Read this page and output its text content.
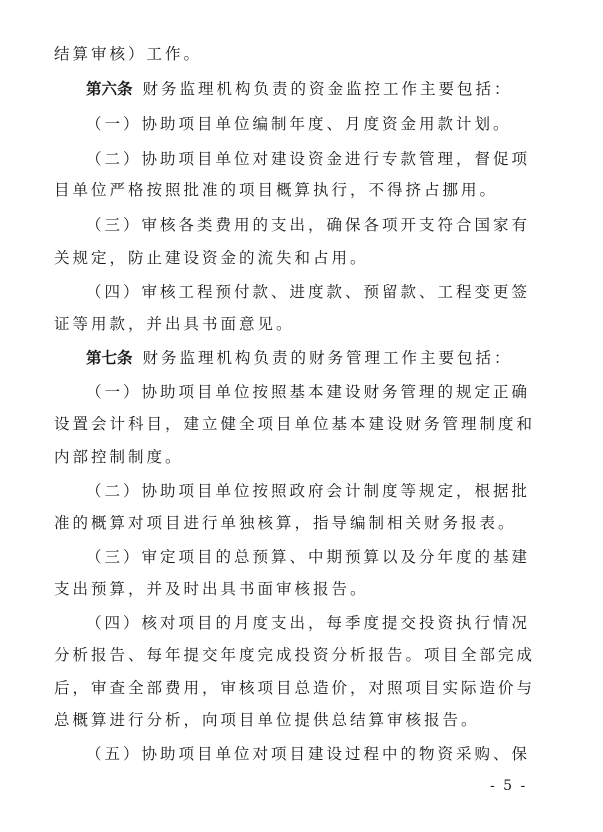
结算审核）工作。
第六条 财务监理机构负责的资金监控工作主要包括：
（一）协助项目单位编制年度、月度资金用款计划。
（二）协助项目单位对建设资金进行专款管理，督促项
目单位严格按照批准的项目概算执行，不得挤占挪用。
（三）审核各类费用的支出，确保各项开支符合国家有
关规定，防止建设资金的流失和占用。
（四）审核工程预付款、进度款、预留款、工程变更签
证等用款，并出具书面意见。
第七条 财务监理机构负责的财务管理工作主要包括：
（一）协助项目单位按照基本建设财务管理的规定正确
设置会计科目，建立健全项目单位基本建设财务管理制度和
内部控制制度。
（二）协助项目单位按照政府会计制度等规定，根据批
准的概算对项目进行单独核算，指导编制相关财务报表。
（三）审定项目的总预算、中期预算以及分年度的基建
支出预算，并及时出具书面审核报告。
（四）核对项目的月度支出，每季度提交投资执行情况
分析报告、每年提交年度完成投资分析报告。项目全部完成
后，审查全部费用，审核项目总造价，对照项目实际造价与
总概算进行分析，向项目单位提供总结算审核报告。
（五）协助项目单位对项目建设过程中的物资采购、保
- 5 -
